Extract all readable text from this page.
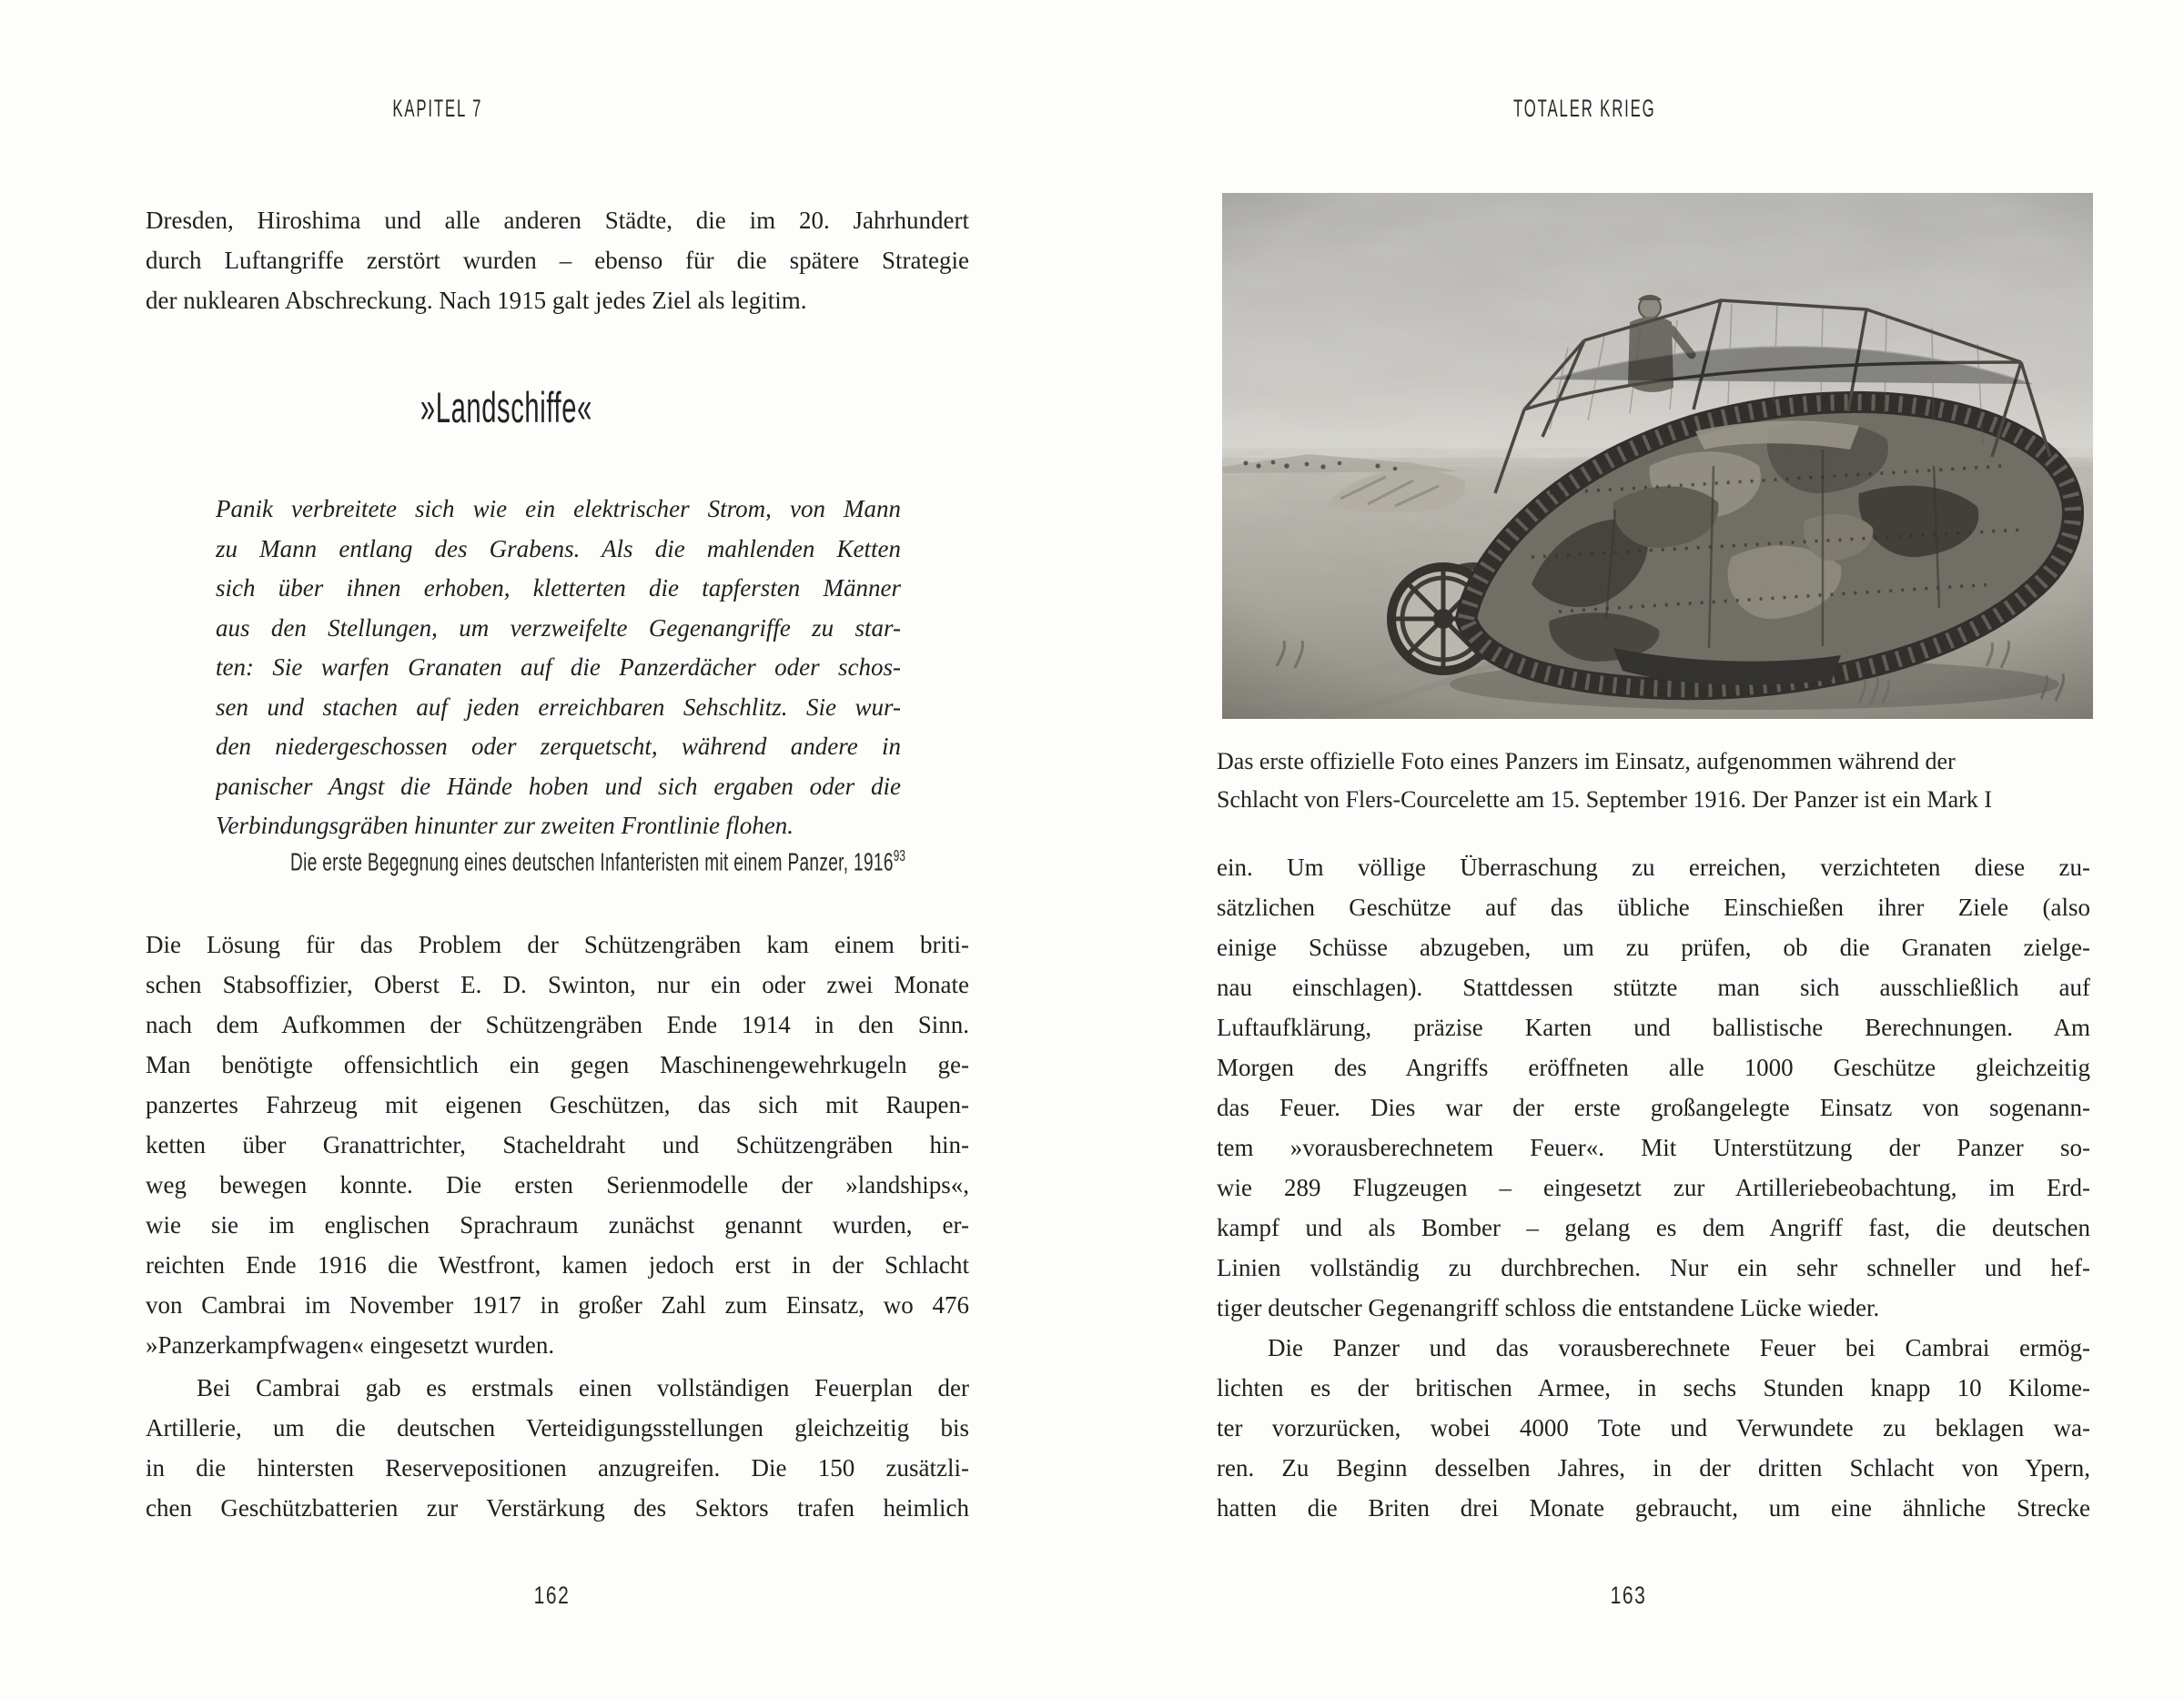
KAPITEL 7
Dresden, Hiroshima und alle anderen Städte, die im 20. Jahrhundert
durch Luftangriffe zerstört wurden – ebenso für die spätere Strategie
der nuklearen Abschreckung. Nach 1915 galt jedes Ziel als legitim.
»Landschiffe«
Panik verbreitete sich wie ein elektrischer Strom, von Mann
zu Mann entlang des Grabens. Als die mahlenden Ketten
sich über ihnen erhoben, kletterten die tapfersten Männer
aus den Stellungen, um verzweifelte Gegenangriffe zu star-
ten: Sie warfen Granaten auf die Panzerdächer oder schos-
sen und stachen auf jeden erreichbaren Sehschlitz. Sie wur-
den niedergeschossen oder zerquetscht, während andere in
panischer Angst die Hände hoben und sich ergaben oder die
Verbindungsgräben hinunter zur zweiten Frontlinie flohen.
Die erste Begegnung eines deutschen Infanteristen mit einem Panzer, 1916$^{93}$
Die Lösung für das Problem der Schützengräben kam einem briti-
schen Stabsoffizier, Oberst E. D. Swinton, nur ein oder zwei Monate
nach dem Aufkommen der Schützengräben Ende 1914 in den Sinn.
Man benötigte offensichtlich ein gegen Maschinengewehrkugeln ge-
panzertes Fahrzeug mit eigenen Geschützen, das sich mit Raupen-
ketten über Granattrichter, Stacheldraht und Schützengräben hin-
weg bewegen konnte. Die ersten Serienmodelle der »landships«,
wie sie im englischen Sprachraum zunächst genannt wurden, er-
reichten Ende 1916 die Westfront, kamen jedoch erst in der Schlacht
von Cambrai im November 1917 in großer Zahl zum Einsatz, wo 476
»Panzerkampfwagen« eingesetzt wurden.
Bei Cambrai gab es erstmals einen vollständigen Feuerplan der
Artillerie, um die deutschen Verteidigungsstellungen gleichzeitig bis
in die hintersten Reservepositionen anzugreifen. Die 150 zusätzli-
chen Geschützbatterien zur Verstärkung des Sektors trafen heimlich
162
TOTALER KRIEG
Das erste offizielle Foto eines Panzers im Einsatz, aufgenommen während der
Schlacht von Flers-Courcelette am 15. September 1916. Der Panzer ist ein Mark I
ein. Um völlige Überraschung zu erreichen, verzichteten diese zu-
sätzlichen Geschütze auf das übliche Einschießen ihrer Ziele (also
einige Schüsse abzugeben, um zu prüfen, ob die Granaten zielge-
nau einschlagen). Stattdessen stützte man sich ausschließlich auf
Luftaufklärung, präzise Karten und ballistische Berechnungen. Am
Morgen des Angriffs eröffneten alle 1000 Geschütze gleichzeitig
das Feuer. Dies war der erste großangelegte Einsatz von sogenann-
tem »vorausberechnetem Feuer«. Mit Unterstützung der Panzer so-
wie 289 Flugzeugen – eingesetzt zur Artilleriebeobachtung, im Erd-
kampf und als Bomber – gelang es dem Angriff fast, die deutschen
Linien vollständig zu durchbrechen. Nur ein sehr schneller und hef-
tiger deutscher Gegenangriff schloss die entstandene Lücke wieder.
Die Panzer und das vorausberechnete Feuer bei Cambrai ermög-
lichten es der britischen Armee, in sechs Stunden knapp 10 Kilome-
ter vorzurücken, wobei 4000 Tote und Verwundete zu beklagen wa-
ren. Zu Beginn desselben Jahres, in der dritten Schlacht von Ypern,
hatten die Briten drei Monate gebraucht, um eine ähnliche Strecke
163
